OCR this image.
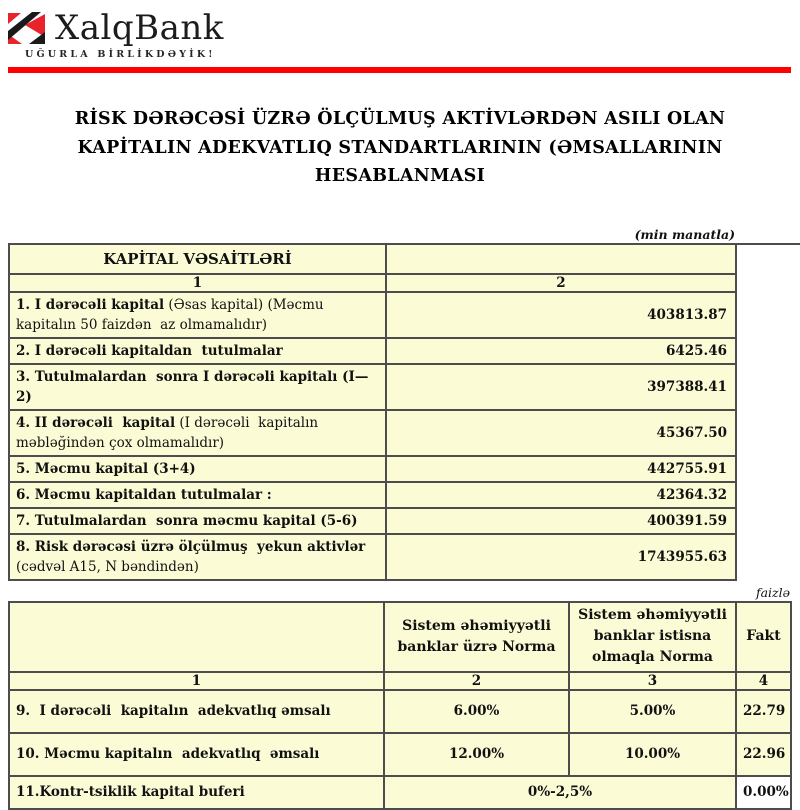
XalqBank
UĞURLA BİRLİKDƏYİK!
RİSK DƏRƏCƏSİ ÜZRƏ ÖLÇÜLMUŞ AKTİVLƏRDƏN ASILI OLAN
KAPİTALIN ADEKVATLIQ STANDARTLARININ (ƏMSALLARININ
HESABLANMASI
(min manatla)
KAPİTAL VƏSAİTLƏRİ	
1	2
1. I dərəcəli kapital (Əsas kapital) (Məcmu kapitalın 50 faizdən  az olmamalıdır)	403813.87
2. I dərəcəli kapitaldan  tutulmalar	6425.46
3. Tutulmalardan  sonra I dərəcəli kapitalı (I—2)	397388.41
4. II dərəcəli  kapital (I dərəcəli  kapitalın məbləğindən çox olmamalıdır)	45367.50
5. Məcmu kapital (3+4)	442755.91
6. Məcmu kapitaldan tutulmalar :	42364.32
7. Tutulmalardan  sonra məcmu kapital (5-6)	400391.59
8. Risk dərəcəsi üzrə ölçülmuş  yekun aktivlər (cədvəl A15, N bəndindən)	1743955.63
faizlə
	Sistem əhəmiyyətli banklar üzrə Norma	Sistem əhəmiyyətli banklar istisna olmaqla Norma	Fakt
1	2	3	4
9.  I dərəcəli  kapitalın  adekvatlıq əmsalı	6.00%	5.00%	22.79
10. Məcmu kapitalın  adekvatlıq  əmsalı	12.00%	10.00%	22.96
11.Kontr-tsiklik kapital buferi	0%-2,5%		0.00%
